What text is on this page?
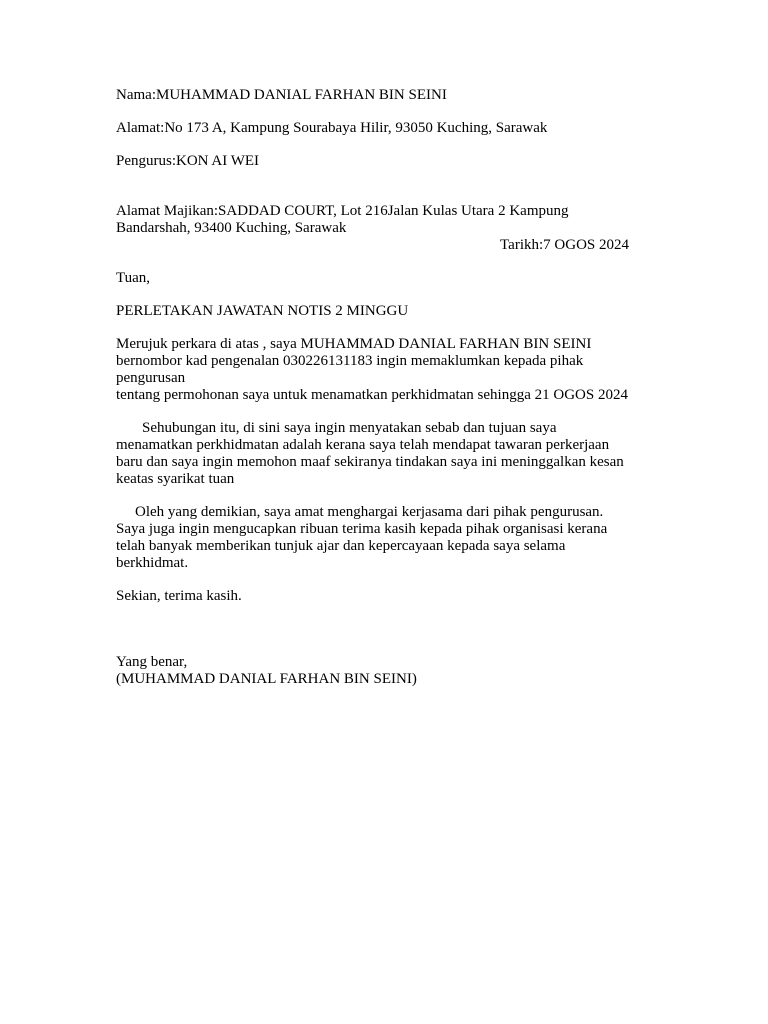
Nama:MUHAMMAD DANIAL FARHAN BIN SEINI
Alamat:No 173 A, Kampung Sourabaya Hilir, 93050 Kuching, Sarawak
Pengurus:KON AI WEI
Alamat Majikan:SADDAD COURT, Lot 216Jalan Kulas Utara 2 Kampung
Bandarshah, 93400 Kuching, Sarawak
Tarikh:7 OGOS 2024
Tuan,
PERLETAKAN JAWATAN NOTIS 2 MINGGU
Merujuk perkara di atas , saya MUHAMMAD DANIAL FARHAN BIN SEINI
bernombor kad pengenalan 030226131183 ingin memaklumkan kepada pihak
pengurusan
tentang permohonan saya untuk menamatkan perkhidmatan sehingga 21 OGOS 2024
Sehubungan itu, di sini saya ingin menyatakan sebab dan tujuan saya
menamatkan perkhidmatan adalah kerana saya telah mendapat tawaran perkerjaan
baru dan saya ingin memohon maaf sekiranya tindakan saya ini meninggalkan kesan
keatas syarikat tuan
Oleh yang demikian, saya amat menghargai kerjasama dari pihak pengurusan.
Saya juga ingin mengucapkan ribuan terima kasih kepada pihak organisasi kerana
telah banyak memberikan tunjuk ajar dan kepercayaan kepada saya selama
berkhidmat.
Sekian, terima kasih.
Yang benar,
(MUHAMMAD DANIAL FARHAN BIN SEINI)
